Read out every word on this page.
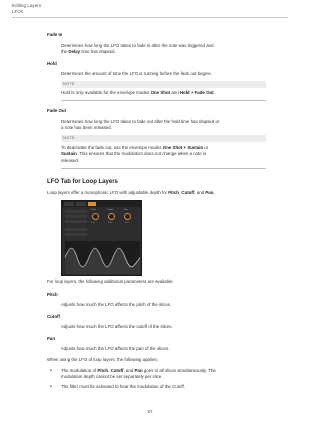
Editing Layers
LFOs
Fade In
Determines how long the LFO takes to fade in after the note was triggered and
the Delay time has elapsed.
Hold
Determines the amount of time the LFO is running before the fade out begins.
NOTE
Hold is only available for the envelope modes One Shot and Hold + Fade Out.
Fade Out
Determines how long the LFO takes to fade out after the hold time has elapsed or
a note has been released.
NOTE
To deactivate the fade out, use the envelope modes One Shot + Sustain or
Sustain. This ensures that the modulation does not change when a note is
released.
LFO Tab for Loop Layers
Loop layers offer a monophonic LFO with adjustable depth for Pitch, Cutoff, and Pan.
Pitch	Cutoff	Pan
0 st	0 %	0 %
For loop layers, the following additional parameters are available:
Pitch
Adjusts how much the LFO affects the pitch of the slices.
Cutoff
Adjusts how much the LFO affects the cutoff of the slices.
Pan
Adjusts how much the LFO affects the pan of the slices.
When using the LFO of loop layers, the following applies:
• The modulation of Pitch, Cutoff, and Pan goes to all slices simultaneously. The
modulation depth cannot be set separately per slice.
• The filter must be activated to hear the modulation of the Cutoff.
57
